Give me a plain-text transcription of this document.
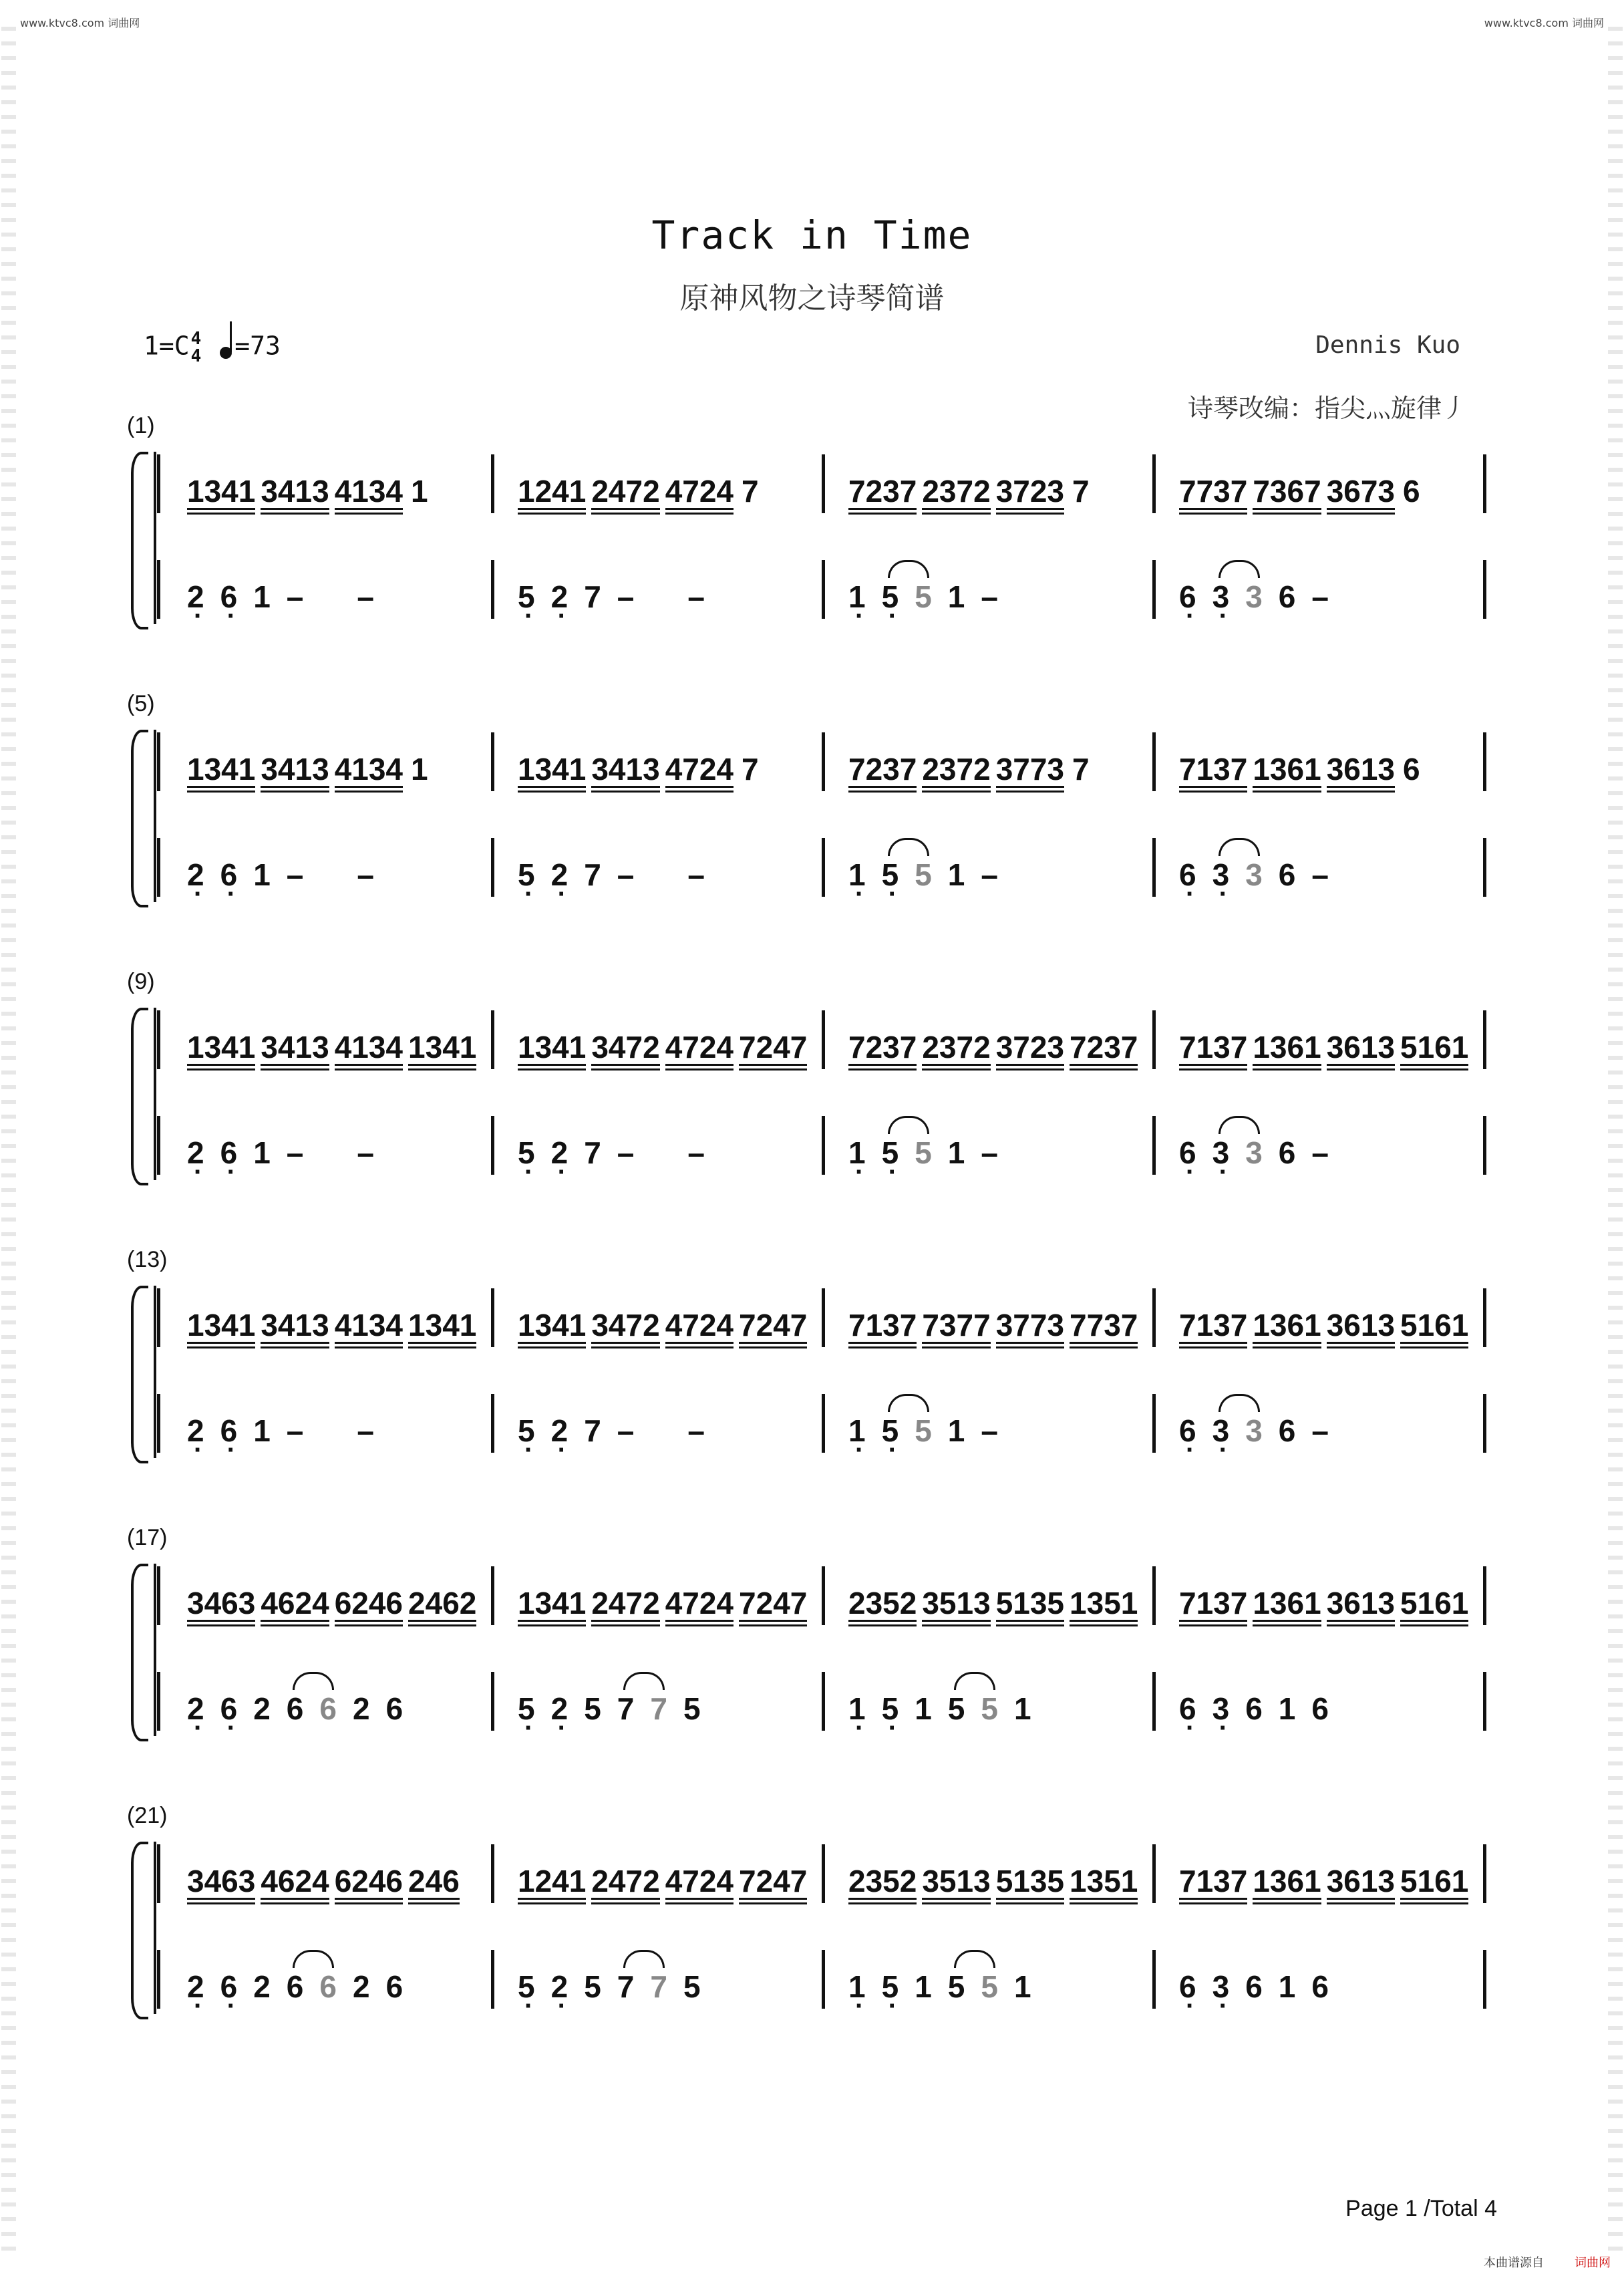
www.ktvc8.com 词曲网	www.ktvc8.com 词曲网
Track in Time
原神风物之诗琴简谱
1=C4
4 =73	Dennis Kuo
诗琴改编：指尖灬旋律丿
(1)
1341 3413 4134 1
2 · 6 · 1 – –
1241 2472 4724 7
5 · 2 · 7 – –
7237 2372 3723 7
1 · 5 · 5 1 –
7737 7367 3673 6
6 · 3 · 3 6 –
(5)
1341 3413 4134 1
2 · 6 · 1 – –
1341 3413 4724 7
5 · 2 · 7 – –
7237 2372 3773 7
1 · 5 · 5 1 –
7137 1361 3613 6
6 · 3 · 3 6 –
(9)
1341 3413 4134 1341
2 · 6 · 1 – –
1341 3472 4724 7247
5 · 2 · 7 – –
7237 2372 3723 7237
1 · 5 · 5 1 –
7137 1361 3613 5161
6 · 3 · 3 6 –
(13)
1341 3413 4134 1341
2 · 6 · 1 – –
1341 3472 4724 7247
5 · 2 · 7 – –
7137 7377 3773 7737
1 · 5 · 5 1 –
7137 1361 3613 5161
6 · 3 · 3 6 –
(17)
3463 4624 6246 2462
2 · 6 · 2 6 6 2 6
1341 2472 4724 7247
5 · 2 · 5 7 7 5
2352 3513 5135 1351
1 · 5 · 1 5 5 1
7137 1361 3613 5161
6 · 3 · 6 1 6
(21)
3463 4624 6246 246
2 · 6 · 2 6 6 2 6
1241 2472 4724 7247
5 · 2 · 5 7 7 5
2352 3513 5135 1351
1 · 5 · 1 5 5 1
7137 1361 3613 5161
6 · 3 · 6 1 6
Page 1 /Total 4
本曲谱源自	词曲网
